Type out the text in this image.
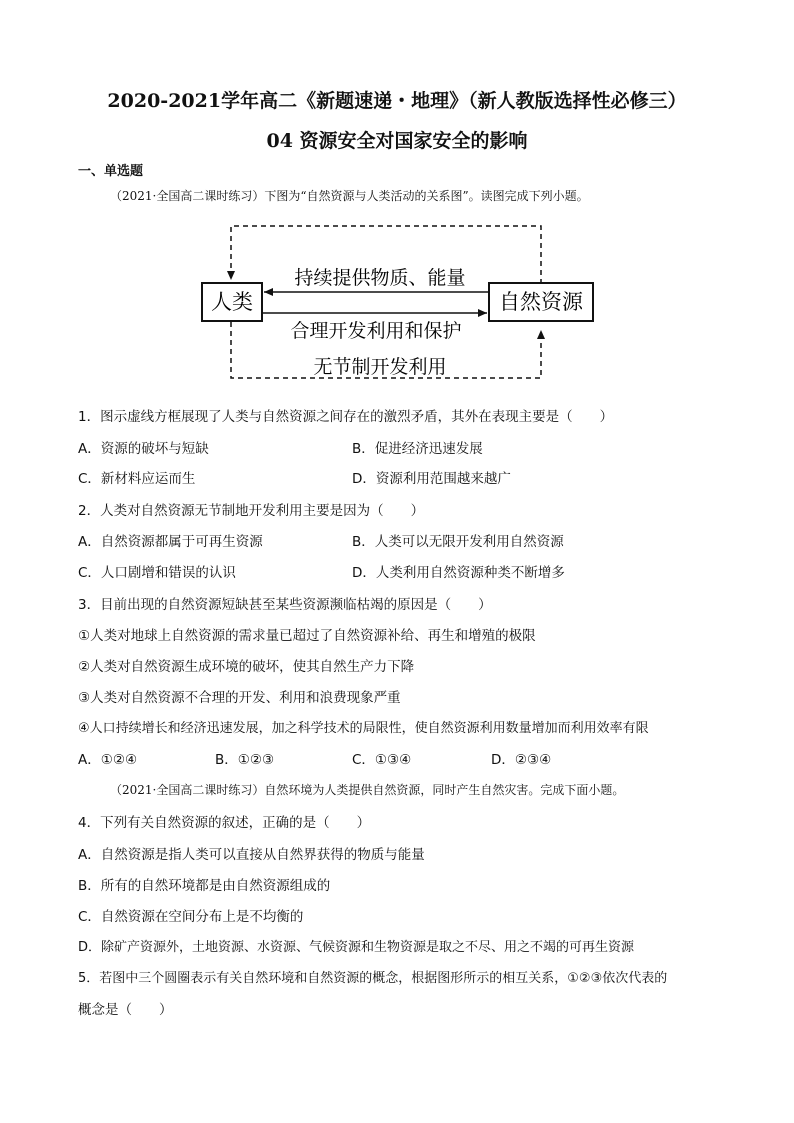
2020-2021学年高二《新题速递・地理》（新人教版选择性必修三）
04 资源安全对国家安全的影响
一、单选题
（2021·全国高二课时练习）下图为“自然资源与人类活动的关系图”。读图完成下列小题。
人类	自然资源
持续提供物质、能量
合理开发利用和保护
无节制开发利用
1．图示虚线方框展现了人类与自然资源之间存在的激烈矛盾，其外在表现主要是（　　）
A．资源的破坏与短缺	B．促进经济迅速发展
C．新材料应运而生	D．资源利用范围越来越广
2．人类对自然资源无节制地开发利用主要是因为（　　）
A．自然资源都属于可再生资源	B．人类可以无限开发利用自然资源
C．人口剧增和错误的认识	D．人类利用自然资源种类不断增多
3．目前出现的自然资源短缺甚至某些资源濒临枯竭的原因是（　　）
①人类对地球上自然资源的需求量已超过了自然资源补给、再生和增殖的极限
②人类对自然资源生成环境的破坏，使其自然生产力下降
③人类对自然资源不合理的开发、利用和浪费现象严重
④人口持续增长和经济迅速发展，加之科学技术的局限性，使自然资源利用数量增加而利用效率有限
A．①②④	B．①②③	C．①③④	D．②③④
（2021·全国高二课时练习）自然环境为人类提供自然资源，同时产生自然灾害。完成下面小题。
4．下列有关自然资源的叙述，正确的是（　　）
A．自然资源是指人类可以直接从自然界获得的物质与能量
B．所有的自然环境都是由自然资源组成的
C．自然资源在空间分布上是不均衡的
D．除矿产资源外，土地资源、水资源、气候资源和生物资源是取之不尽、用之不竭的可再生资源
5．若图中三个圆圈表示有关自然环境和自然资源的概念，根据图形所示的相互关系，①②③依次代表的
概念是（　　）
